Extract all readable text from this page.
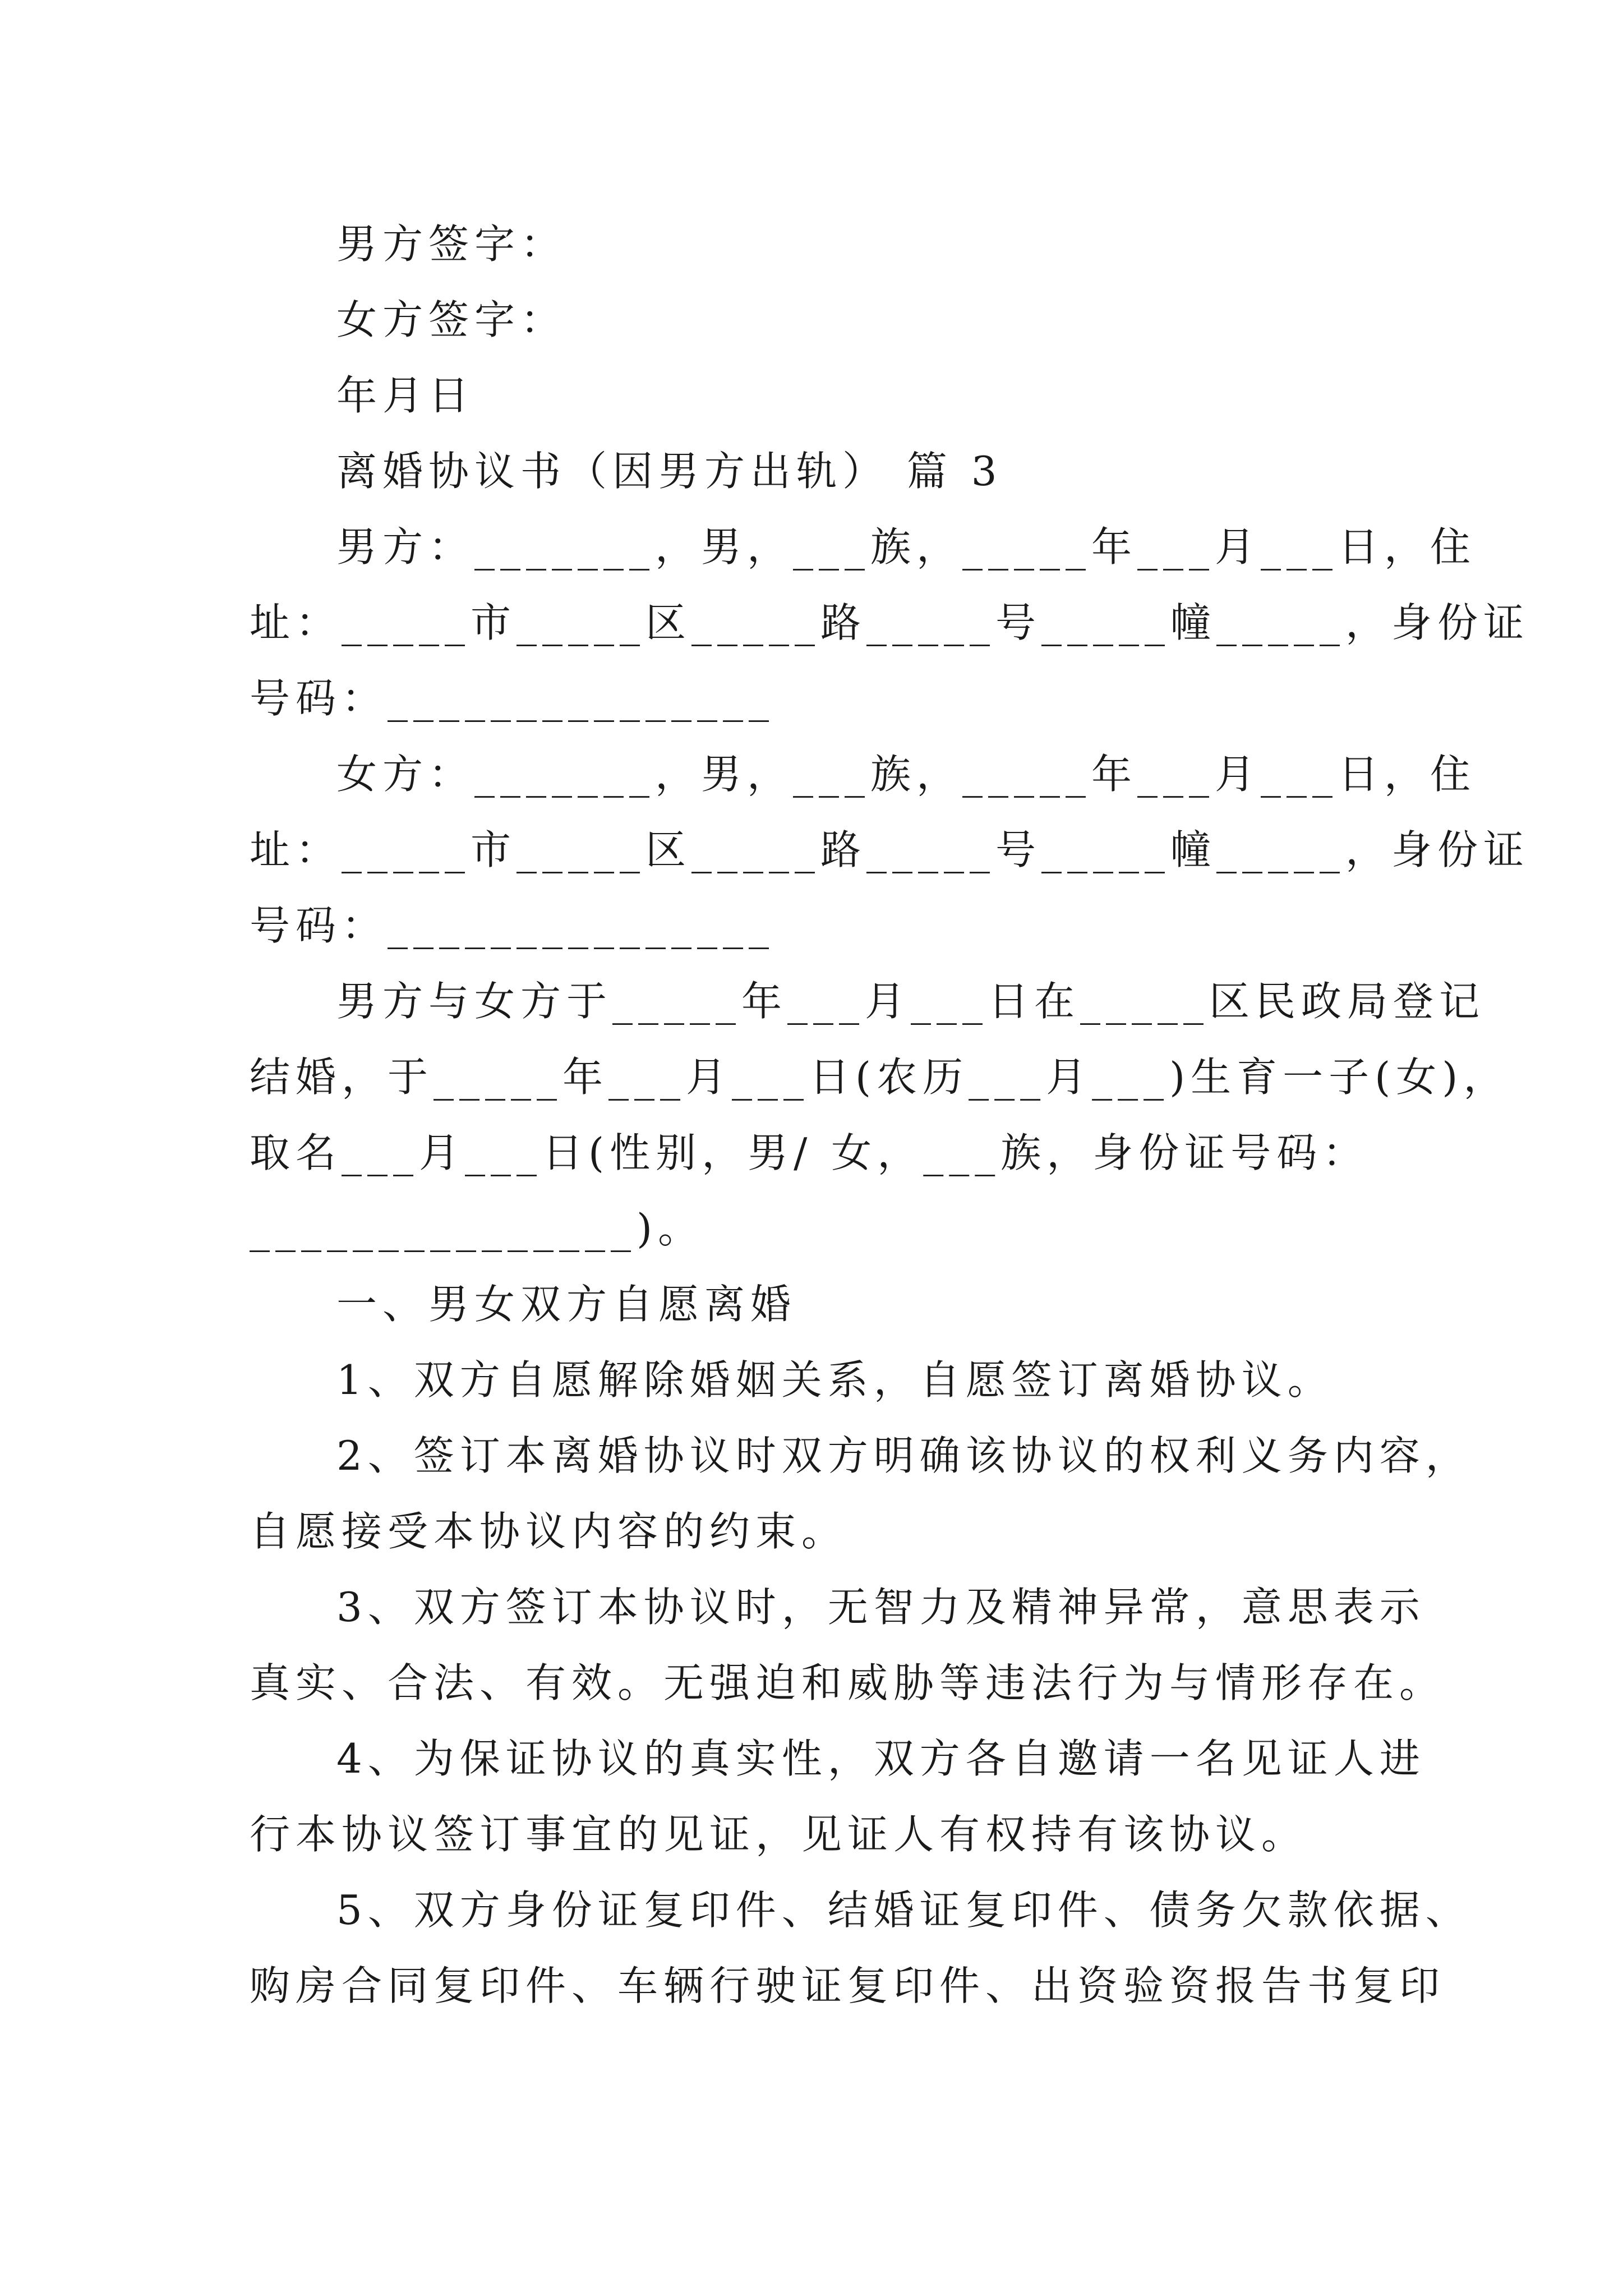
男方签字：
女方签字：
年月日
离婚协议书（因男方出轨） 篇 3
男方：_______，男，___族，_____年___月___日，住
址：_____市_____区_____路_____号_____幢_____，身份证
号码：_______________
女方：_______，男，___族，_____年___月___日，住
址：_____市_____区_____路_____号_____幢_____，身份证
号码：_______________
男方与女方于_____年___月___日在_____区民政局登记
结婚，于_____年___月___日(农历___月___)生育一子(女)，
取名___月___日(性别，男/ 女，___族，身份证号码：
_______________)。
一、男女双方自愿离婚
1、双方自愿解除婚姻关系，自愿签订离婚协议。
2、签订本离婚协议时双方明确该协议的权利义务内容，
自愿接受本协议内容的约束。
3、双方签订本协议时，无智力及精神异常，意思表示
真实、合法、有效。无强迫和威胁等违法行为与情形存在。
4、为保证协议的真实性，双方各自邀请一名见证人进
行本协议签订事宜的见证，见证人有权持有该协议。
5、双方身份证复印件、结婚证复印件、债务欠款依据、
购房合同复印件、车辆行驶证复印件、出资验资报告书复印
